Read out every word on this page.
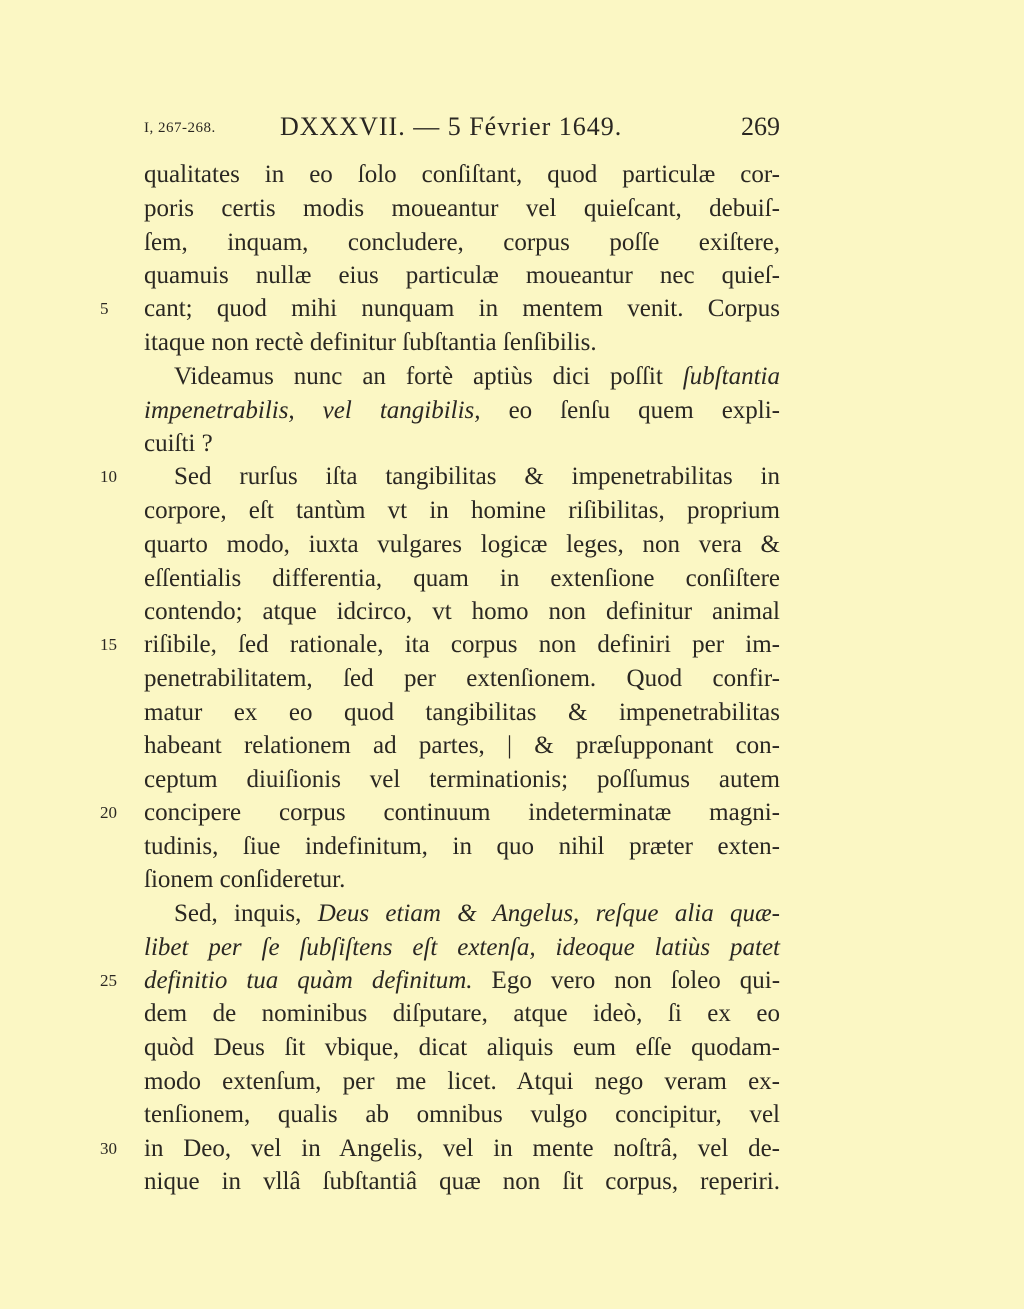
I, 267-268. DXXXVII. — 5 Février 1649.	269
qualitates in eo ſolo conſiſtant, quod particulæ cor-
poris certis modis moueantur vel quieſcant, debuiſ-
ſem, inquam, concludere, corpus poſſe exiſtere,
quamuis nullæ eius particulæ moueantur nec quieſ-
cant; quod mihi nunquam in mentem venit. Corpus
itaque non rectè definitur ſubſtantia ſenſibilis.
Videamus nunc an fortè aptiùs dici poſſit ſubſtantia
impenetrabilis, vel tangibilis, eo ſenſu quem expli-
cuiſti ?
Sed rurſus iſta tangibilitas & impenetrabilitas in
corpore, eſt tantùm vt in homine riſibilitas, proprium
quarto modo, iuxta vulgares logicæ leges, non vera &
eſſentialis differentia, quam in extenſione conſiſtere
contendo; atque idcirco, vt homo non definitur animal
riſibile, ſed rationale, ita corpus non definiri per im-
penetrabilitatem, ſed per extenſionem. Quod confir-
matur ex eo quod tangibilitas & impenetrabilitas
habeant relationem ad partes, | & præſupponant con-
ceptum diuiſionis vel terminationis; poſſumus autem
concipere corpus continuum indeterminatæ magni-
tudinis, ſiue indefinitum, in quo nihil præter exten-
ſionem conſideretur.
Sed, inquis, Deus etiam & Angelus, reſque alia quæ-
libet per ſe ſubſiſtens eſt extenſa, ideoque latiùs patet
definitio tua quàm definitum. Ego vero non ſoleo qui-
dem de nominibus diſputare, atque ideò, ſi ex eo
quòd Deus ſit vbique, dicat aliquis eum eſſe quodam-
modo extenſum, per me licet. Atqui nego veram ex-
tenſionem, qualis ab omnibus vulgo concipitur, vel
in Deo, vel in Angelis, vel in mente noſtrâ, vel de-
nique in vllâ ſubſtantiâ quæ non ſit corpus, reperiri.
5
10
15
20
25
30
